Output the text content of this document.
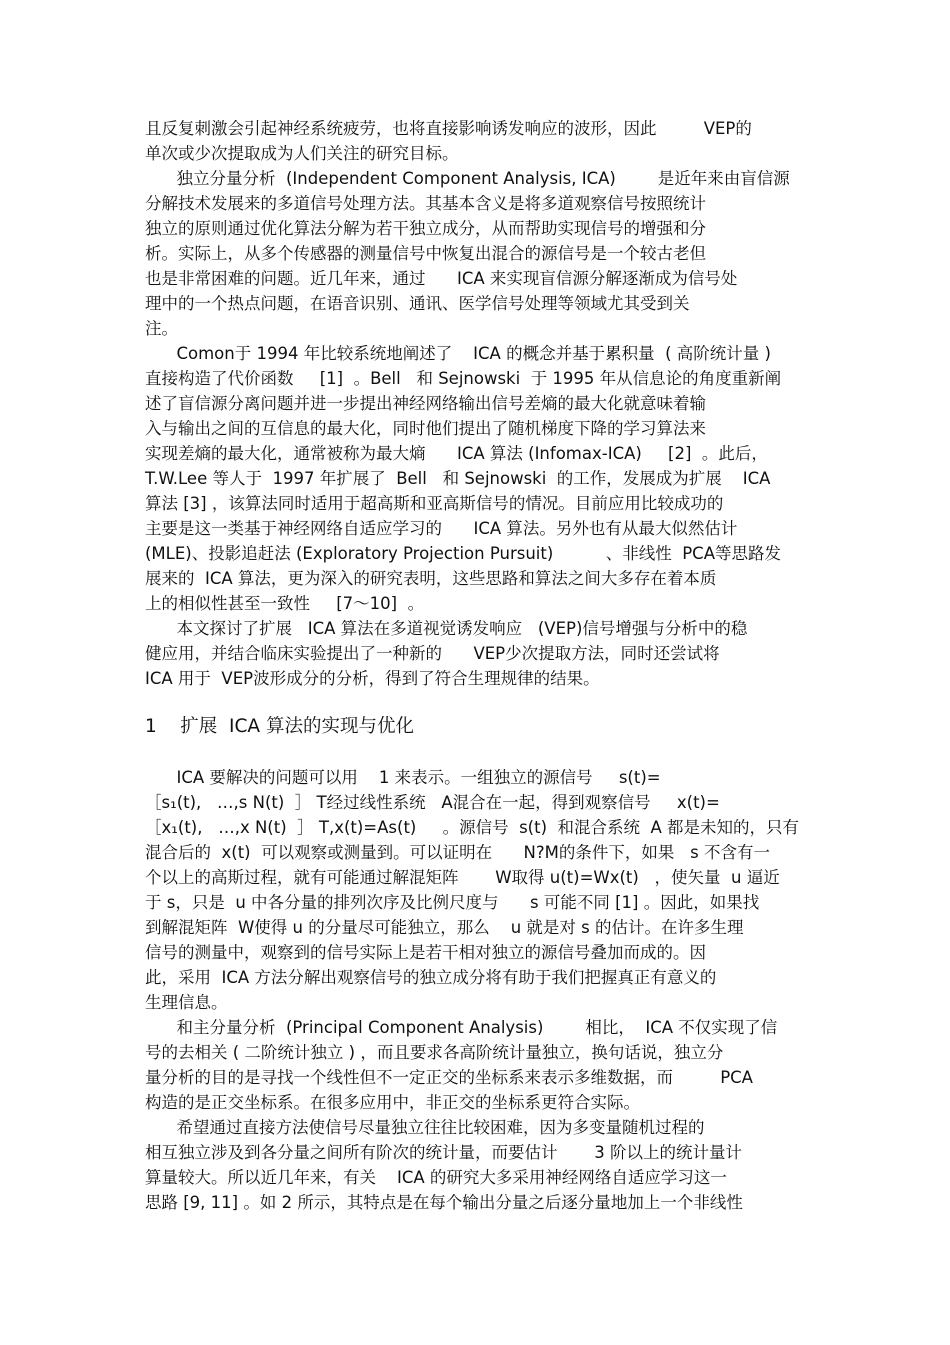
且反复刺激会引起神经系统疲劳，也将直接影响诱发响应的波形，因此         VEP的
单次或少次提取成为人们关注的研究目标。
独立分量分析  (Independent Component Analysis, ICA)        是近年来由盲信源
分解技术发展来的多道信号处理方法。其基本含义是将多道观察信号按照统计
独立的原则通过优化算法分解为若干独立成分，从而帮助实现信号的增强和分
析。实际上，从多个传感器的测量信号中恢复出混合的源信号是一个较古老但
也是非常困难的问题。近几年来，通过      ICA 来实现盲信源分解逐渐成为信号处
理中的一个热点问题，在语音识别、通讯、医学信号处理等领域尤其受到关
注。
Comon于 1994 年比较系统地阐述了    ICA 的概念并基于累积量  ( 高阶统计量 )
直接构造了代价函数     [1]  。Bell   和 Sejnowski  于 1995 年从信息论的角度重新阐
述了盲信源分离问题并进一步提出神经网络输出信号差熵的最大化就意味着输
入与输出之间的互信息的最大化，同时他们提出了随机梯度下降的学习算法来
实现差熵的最大化，通常被称为最大熵      ICA 算法 (Infomax-ICA)     [2]  。此后，
T.W.Lee 等人于  1997 年扩展了  Bell   和 Sejnowski  的工作，发展成为扩展    ICA
算法 [3] ，该算法同时适用于超高斯和亚高斯信号的情况。目前应用比较成功的
主要是这一类基于神经网络自适应学习的      ICA 算法。另外也有从最大似然估计
(MLE)、投影追赶法 (Exploratory Projection Pursuit)          、非线性  PCA等思路发
展来的  ICA 算法，更为深入的研究表明，这些思路和算法之间大多存在着本质
上的相似性甚至一致性     [7～10]  。
本文探讨了扩展   ICA 算法在多道视觉诱发响应   (VEP)信号增强与分析中的稳
健应用，并结合临床实验提出了一种新的      VEP少次提取方法，同时还尝试将
ICA 用于  VEP波形成分的分析，得到了符合生理规律的结果。
1    扩展  ICA 算法的实现与优化
ICA 要解决的问题可以用    1 来表示。一组独立的源信号     s(t)=
［s₁(t),   …,s N(t)  ］ T经过线性系统   A混合在一起，得到观察信号     x(t)=
［x₁(t),   …,x N(t)  ］ T,x(t)=As(t)     。源信号  s(t)  和混合系统  A 都是未知的，只有
混合后的  x(t)  可以观察或测量到。可以证明在      N?M的条件下，如果   s 不含有一
个以上的高斯过程，就有可能通过解混矩阵       W取得 u(t)=Wx(t)   ，使矢量  u 逼近
于 s，只是  u 中各分量的排列次序及比例尺度与      s 可能不同 [1] 。因此，如果找
到解混矩阵  W使得 u 的分量尽可能独立，那么    u 就是对 s 的估计。在许多生理
信号的测量中，观察到的信号实际上是若干相对独立的源信号叠加而成的。因
此，采用  ICA 方法分解出观察信号的独立成分将有助于我们把握真正有意义的
生理信息。
和主分量分析  (Principal Component Analysis)        相比，  ICA 不仅实现了信
号的去相关 ( 二阶统计独立 ) ，而且要求各高阶统计量独立，换句话说，独立分
量分析的目的是寻找一个线性但不一定正交的坐标系来表示多维数据，而         PCA
构造的是正交坐标系。在很多应用中，非正交的坐标系更符合实际。
希望通过直接方法使信号尽量独立往往比较困难，因为多变量随机过程的
相互独立涉及到各分量之间所有阶次的统计量，而要估计       3 阶以上的统计量计
算量较大。所以近几年来，有关    ICA 的研究大多采用神经网络自适应学习这一
思路 [9, 11] 。如 2 所示，其特点是在每个输出分量之后逐分量地加上一个非线性
